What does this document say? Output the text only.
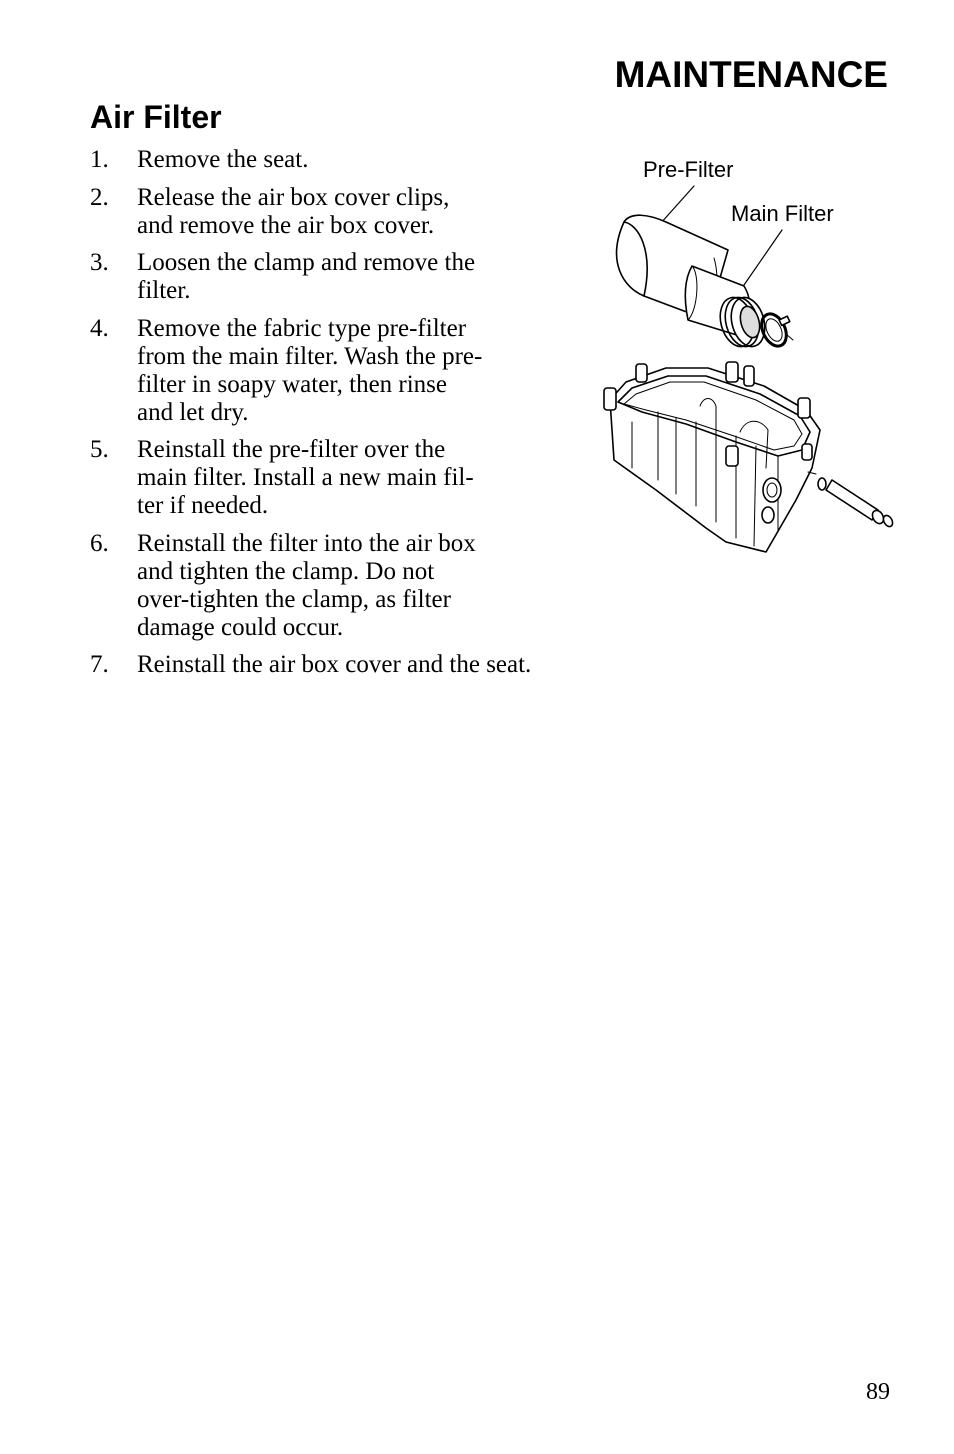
MAINTENANCE
Air Filter
1. Remove the seat.
2. Release the air box cover clips,
and remove the air box cover.
3. Loosen the clamp and remove the
filter.
4. Remove the fabric type pre-filter
from the main filter. Wash the pre-
filter in soapy water, then rinse
and let dry.
5. Reinstall the pre-filter over the
main filter. Install a new main fil-
ter if needed.
6. Reinstall the filter into the air box
and tighten the clamp. Do not
over-tighten the clamp, as filter
damage could occur.
7. Reinstall the air box cover and the seat.
Pre-Filter
Main Filter
89
